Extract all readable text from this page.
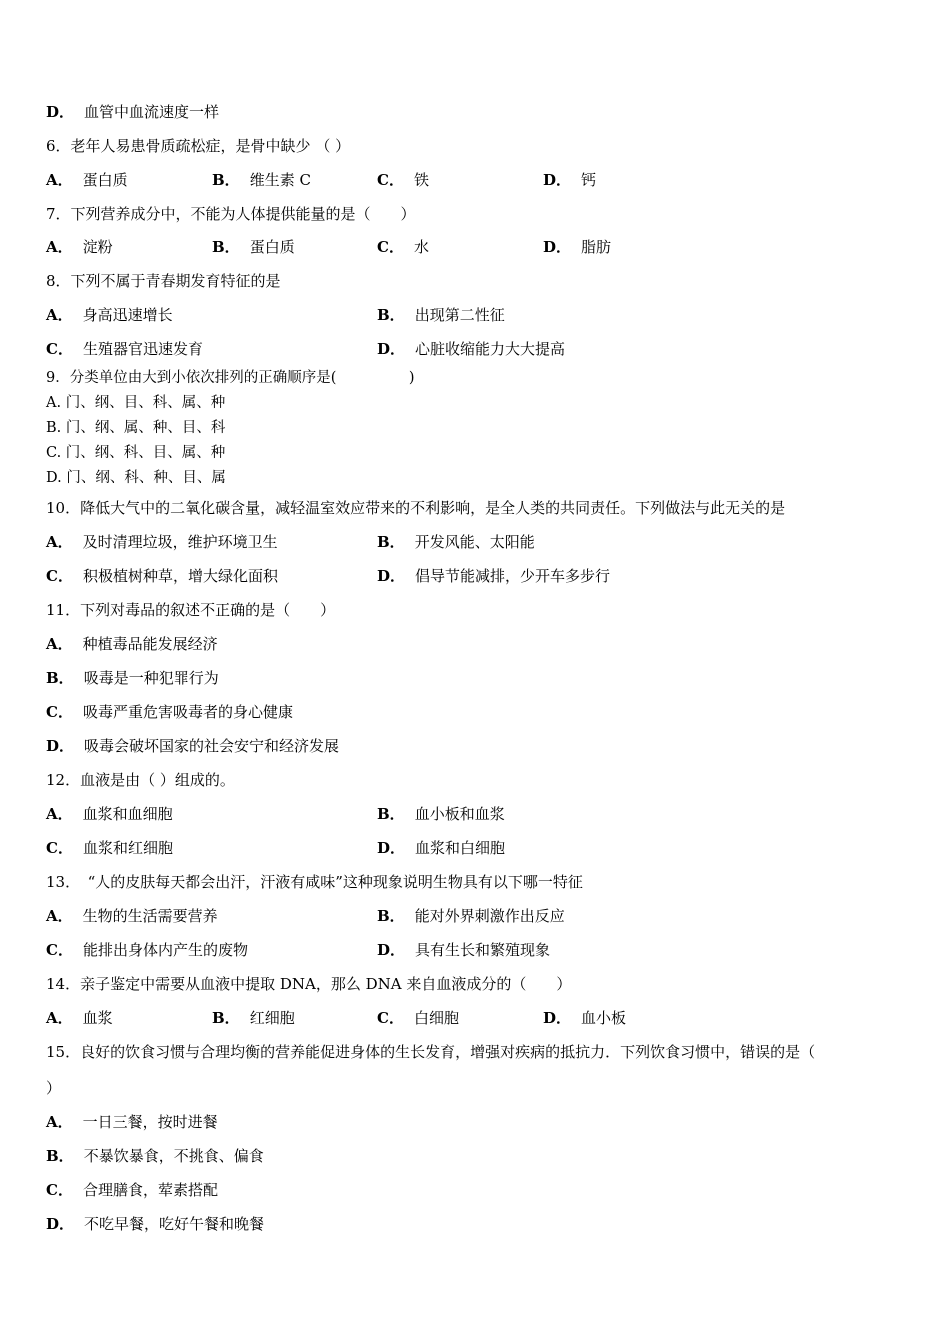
D． 血管中血流速度一样
6．老年人易患骨质疏松症，是骨中缺少 （ ）
A． 蛋白质	B． 维生素 C	C． 铁	D． 钙
7．下列营养成分中，不能为人体提供能量的是（　　）
A． 淀粉	B． 蛋白质	C． 水	D． 脂肪
8．下列不属于青春期发育特征的是
A． 身高迅速增长	B． 出现第二性征
C． 生殖器官迅速发育	D． 心脏收缩能力大大提高
9．分类单位由大到小依次排列的正确顺序是(　　　　　)
A. 门、纲、目、科、属、种
B. 门、纲、属、种、目、科
C. 门、纲、科、目、属、种
D. 门、纲、科、种、目、属
10．降低大气中的二氧化碳含量，减轻温室效应带来的不利影响，是全人类的共同责任。下列做法与此无关的是
A． 及时清理垃圾，维护环境卫生	B． 开发风能、太阳能
C． 积极植树种草，增大绿化面积	D． 倡导节能减排，少开车多步行
11．下列对毒品的叙述不正确的是（　　）
A． 种植毒品能发展经济
B． 吸毒是一种犯罪行为
C． 吸毒严重危害吸毒者的身心健康
D． 吸毒会破坏国家的社会安宁和经济发展
12．血液是由（ ）组成的。
A． 血浆和血细胞	B． 血小板和血浆
C． 血浆和红细胞	D． 血浆和白细胞
13．　“人的皮肤每天都会出汗，汗液有咸味”这种现象说明生物具有以下哪一特征
A． 生物的生活需要营养	B． 能对外界刺激作出反应
C． 能排出身体内产生的废物	D． 具有生长和繁殖现象
14．亲子鉴定中需要从血液中提取 DNA，那么 DNA 来自血液成分的（　　）
A． 血浆	B． 红细胞	C． 白细胞	D． 血小板
15．良好的饮食习惯与合理均衡的营养能促进身体的生长发育，增强对疾病的抵抗力．下列饮食习惯中，错误的是（
）
A． 一日三餐，按时进餐
B． 不暴饮暴食，不挑食、偏食
C． 合理膳食，荤素搭配
D． 不吃早餐，吃好午餐和晚餐
